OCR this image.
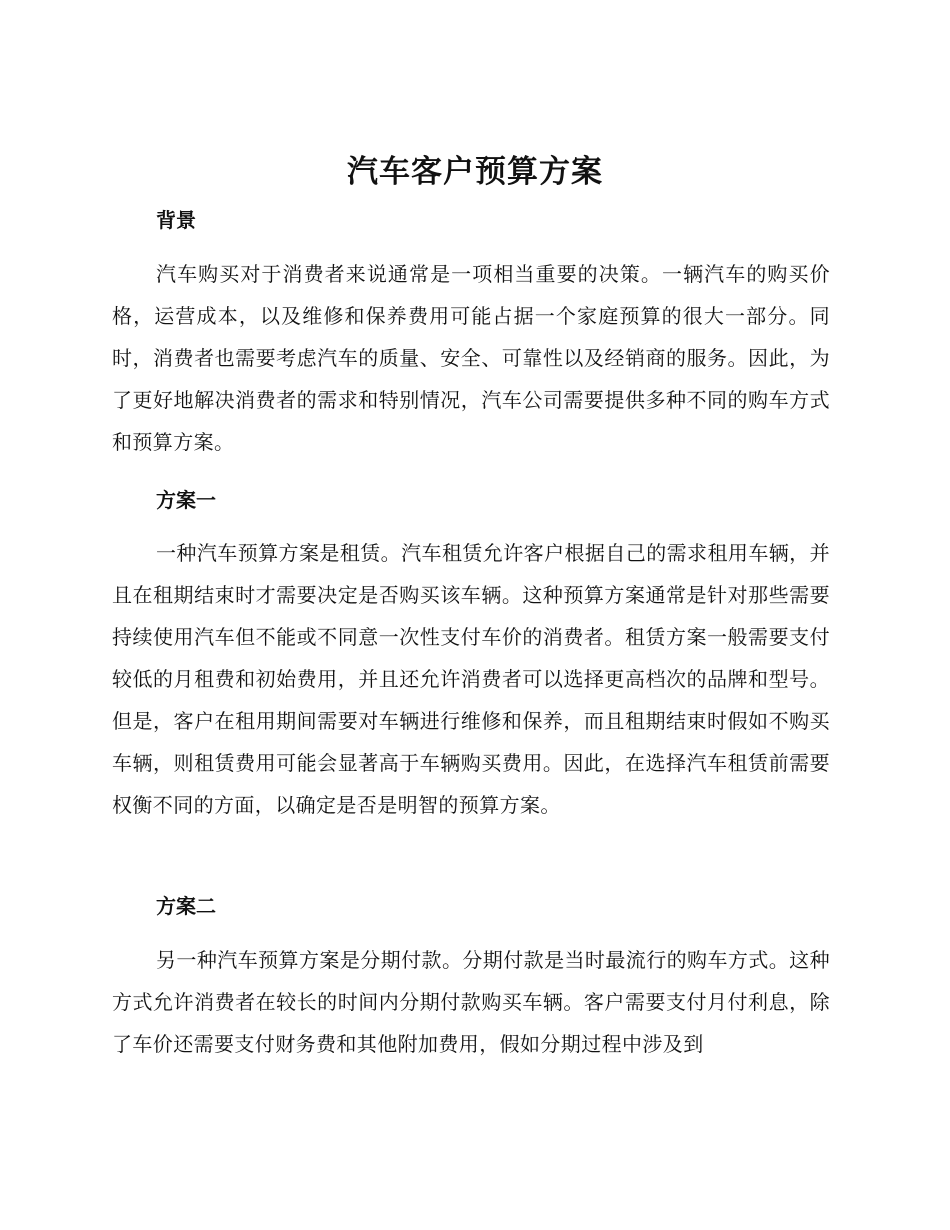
汽车客户预算方案
背景

汽车购买对于消费者来说通常是一项相当重要的决策。一辆汽车的购买价格，运营成本，以及维修和保养费用可能占据一个家庭预算的很大一部分。同时，消费者也需要考虑汽车的质量、安全、可靠性以及经销商的服务。因此，为了更好地解决消费者的需求和特别情况，汽车公司需要提供多种不同的购车方式和预算方案。

方案一

一种汽车预算方案是租赁。汽车租赁允许客户根据自己的需求租用车辆，并且在租期结束时才需要决定是否购买该车辆。这种预算方案通常是针对那些需要持续使用汽车但不能或不同意一次性支付车价的消费者。租赁方案一般需要支付较低的月租费和初始费用，并且还允许消费者可以选择更高档次的品牌和型号。但是，客户在租用期间需要对车辆进行维修和保养，而且租期结束时假如不购买车辆，则租赁费用可能会显著高于车辆购买费用。因此，在选择汽车租赁前需要权衡不同的方面，以确定是否是明智的预算方案。

方案二

另一种汽车预算方案是分期付款。分期付款是当时最流行的购车方式。这种方式允许消费者在较长的时间内分期付款购买车辆。客户需要支付月付利息，除了车价还需要支付财务费和其他附加费用，假如分期过程中涉及到
